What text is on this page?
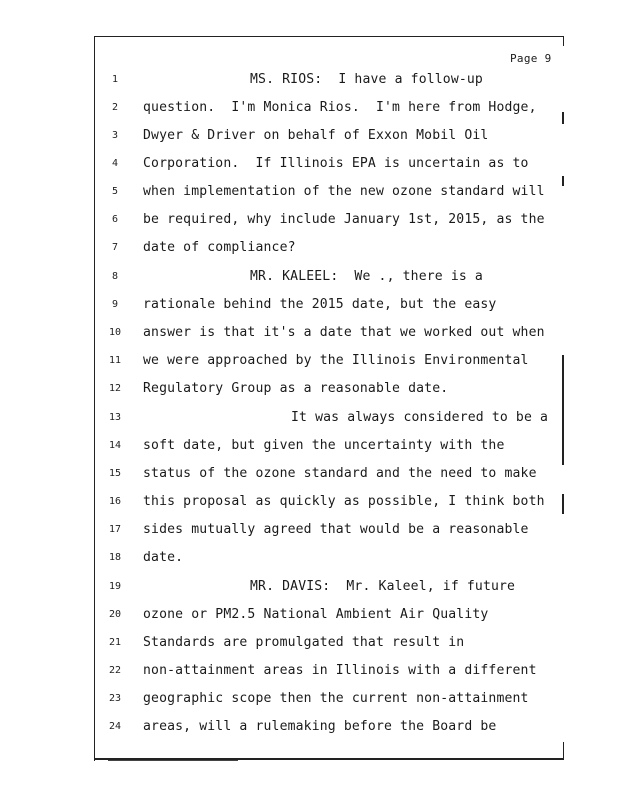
Page 9
1	MS. RIOS:  I have a follow-up
2	question.  I'm Monica Rios.  I'm here from Hodge,
3	Dwyer & Driver on behalf of Exxon Mobil Oil
4	Corporation.  If Illinois EPA is uncertain as to
5	when implementation of the new ozone standard will
6	be required, why include January 1st, 2015, as the
7	date of compliance?
8	MR. KALEEL:  We ., there is a
9	rationale behind the 2015 date, but the easy
10	answer is that it's a date that we worked out when
11	we were approached by the Illinois Environmental
12	Regulatory Group as a reasonable date.
13	It was always considered to be a
14	soft date, but given the uncertainty with the
15	status of the ozone standard and the need to make
16	this proposal as quickly as possible, I think both
17	sides mutually agreed that would be a reasonable
18	date.
19	MR. DAVIS:  Mr. Kaleel, if future
20	ozone or PM2.5 National Ambient Air Quality
21	Standards are promulgated that result in
22	non-attainment areas in Illinois with a different
23	geographic scope then the current non-attainment
24	areas, will a rulemaking before the Board be
